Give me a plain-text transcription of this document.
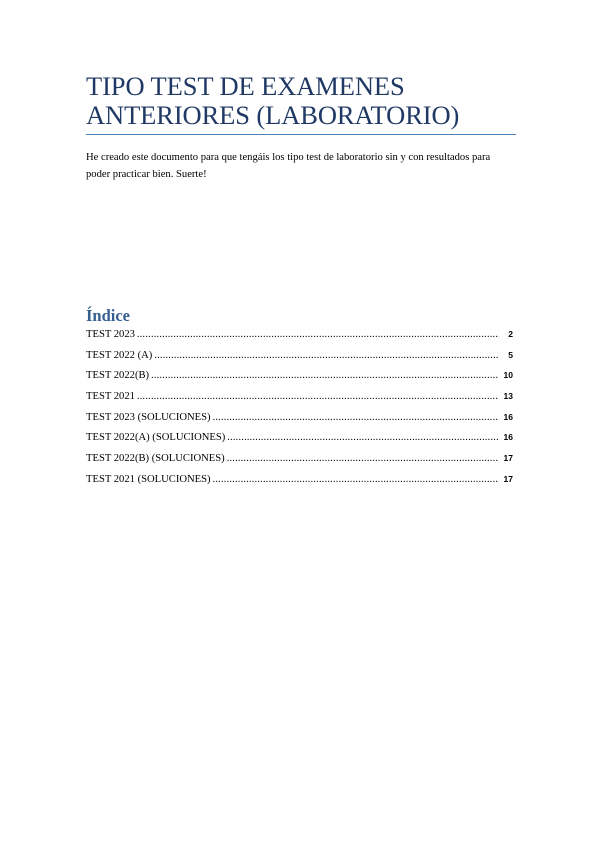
TIPO TEST DE EXAMENES ANTERIORES (LABORATORIO)

He creado este documento para que tengáis los tipo test de laboratorio sin y con resultados para poder practicar bien. Suerte!

Índice
TEST 2023 .....	2
TEST 2022 (A) .....	5
TEST 2022(B) .....	10
TEST 2021 .....	13
TEST 2023 (SOLUCIONES) .....	16
TEST 2022(A) (SOLUCIONES) .....	16
TEST 2022(B) (SOLUCIONES) .....	17
TEST 2021 (SOLUCIONES) .....	17
